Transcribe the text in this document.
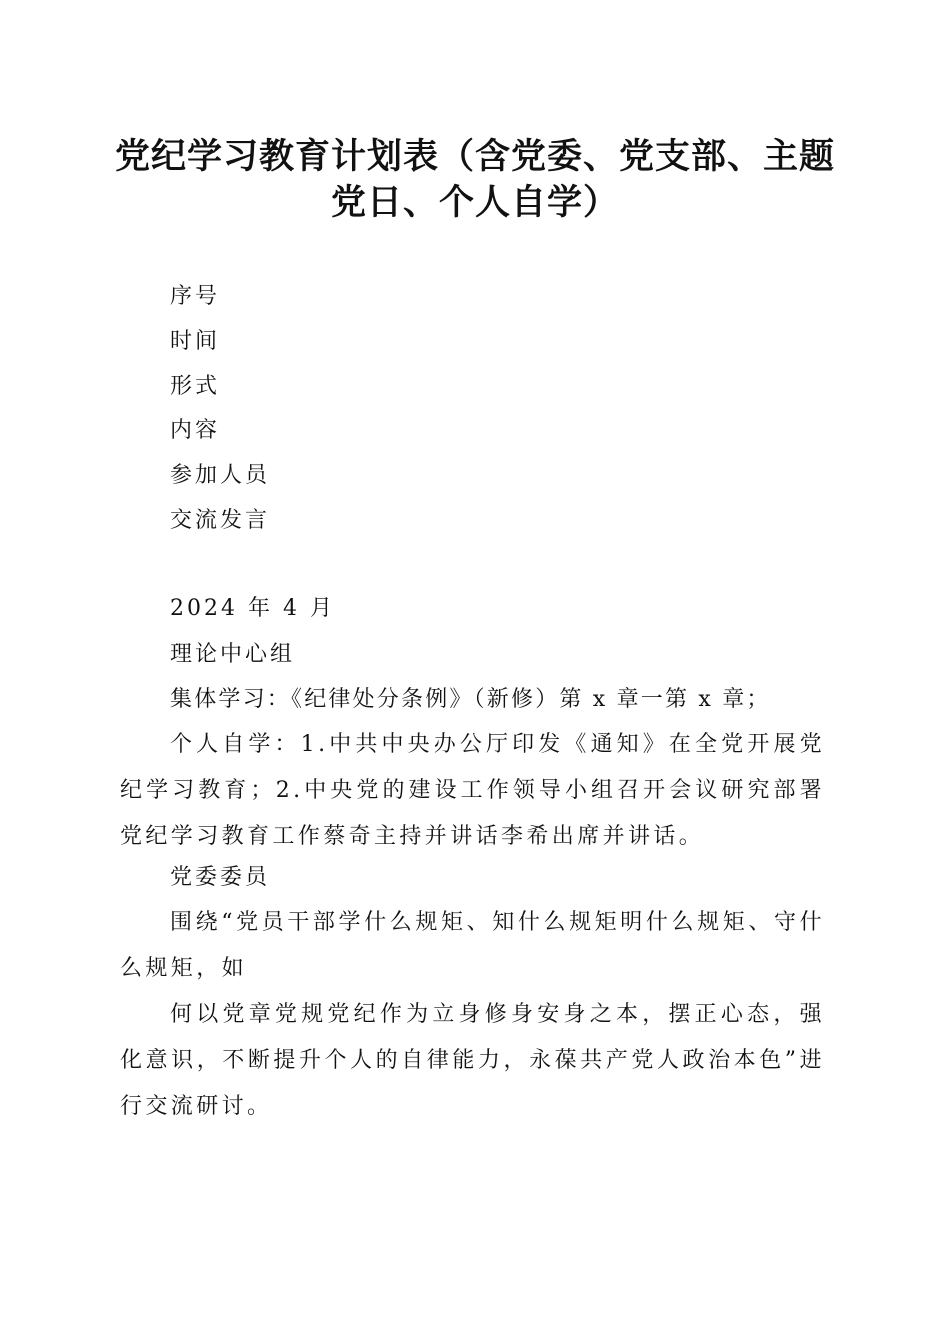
党纪学习教育计划表（含党委、党支部、主题
党日、个人自学）
序号
时间
形式
内容
参加人员
交流发言
2024 年 4 月
理论中心组
集体学习：《纪律处分条例》（新修）第 x 章一第 x 章；
个人自学：1.中共中央办公厅印发《通知》在全党开展党纪学习教育；2.中央党的建设工作领导小组召开会议研究部署党纪学习教育工作蔡奇主持并讲话李希出席并讲话。
党委委员
围绕“党员干部学什么规矩、知什么规矩明什么规矩、守什么规矩，如
何以党章党规党纪作为立身修身安身之本，摆正心态，强化意识，不断提升个人的自律能力，永葆共产党人政治本色”进行交流研讨。
